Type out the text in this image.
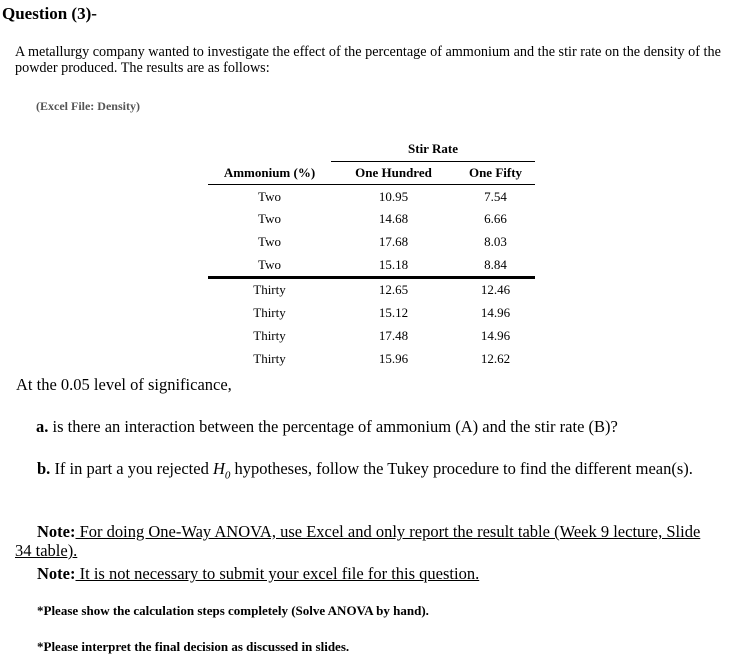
Question (3)-
A metallurgy company wanted to investigate the effect of the percentage of ammonium and the stir rate on the density of the powder produced. The results are as follows:
(Excel File: Density)
	Stir Rate	
Ammonium (%)	One Hundred	One Fifty
Two	10.95	7.54
Two	14.68	6.66
Two	17.68	8.03
Two	15.18	8.84
Thirty	12.65	12.46
Thirty	15.12	14.96
Thirty	17.48	14.96
Thirty	15.96	12.62
At the 0.05 level of significance,
a. is there an interaction between the percentage of ammonium (A) and the stir rate (B)?
b. If in part a you rejected $H_0$ hypotheses, follow the Tukey procedure to find the different mean(s).
Note: For doing One-Way ANOVA, use Excel and only report the result table (Week 9 lecture, Slide 34 table).
Note: It is not necessary to submit your excel file for this question.
*Please show the calculation steps completely (Solve ANOVA by hand).
*Please interpret the final decision as discussed in slides.
